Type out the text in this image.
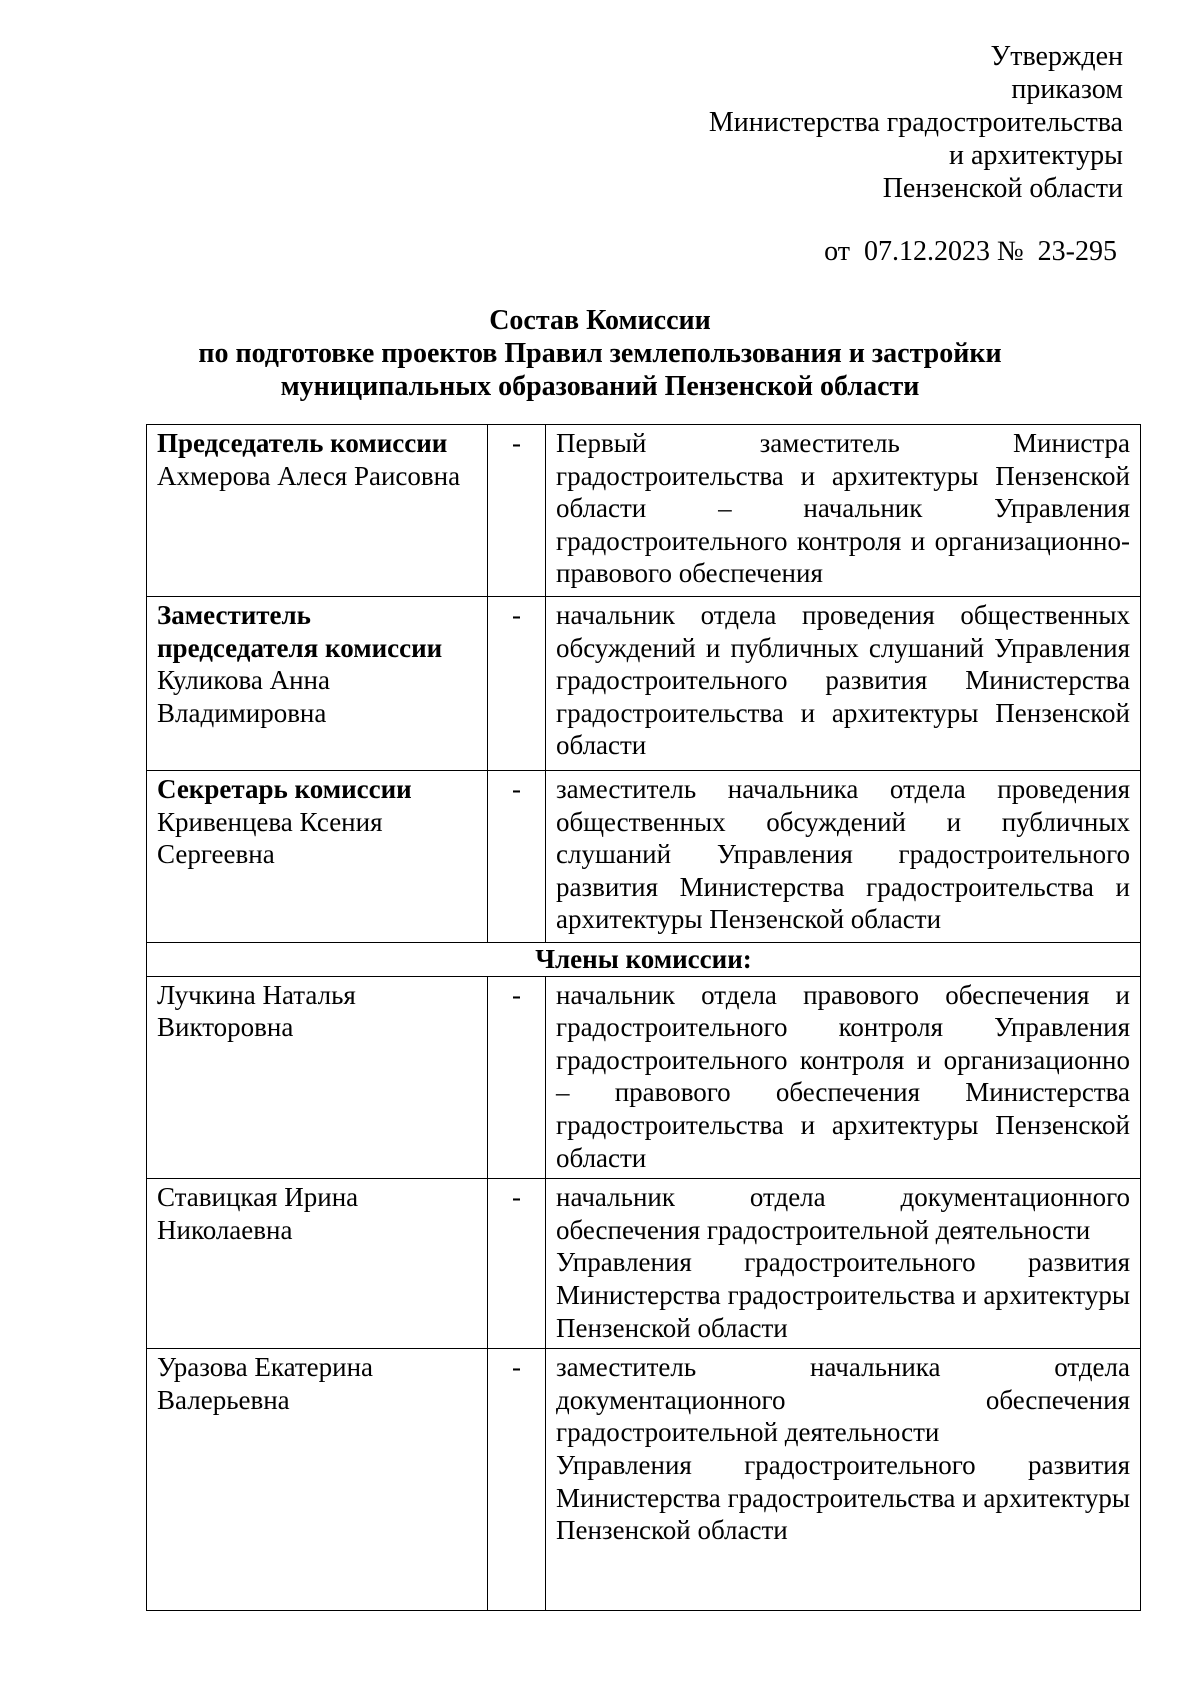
Утвержден
приказом
Министерства градостроительства
и архитектуры
Пензенской области
от 07.12.2023 № 23-295
Состав Комиссии
по подготовке проектов Правил землепользования и застройки
муниципальных образований Пензенской области
Председатель комиссии
Ахмерова Алеся Раисовна	-	Первый заместитель Министра градостроительства и архитектуры Пензенской области – начальник Управления градостроительного контроля и организационно-правового обеспечения

Заместитель председателя комиссии
Куликова Анна Владимировна	-	начальник отдела проведения общественных обсуждений и публичных слушаний Управления градостроительного развития Министерства градостроительства и архитектуры Пензенской области

Секретарь комиссии
Кривенцева Ксения Сергеевна	-	заместитель начальника отдела проведения общественных обсуждений и публичных слушаний Управления градостроительного развития Министерства градостроительства и архитектуры Пензенской области
Члены комиссии:		

Лучкина Наталья Викторовна	-	начальник отдела правового обеспечения и градостроительного контроля Управления градостроительного контроля и организационно – правового обеспечения Министерства градостроительства и архитектуры Пензенской области

Ставицкая Ирина Николаевна	-	начальник отдела документационного обеспечения градостроительной деятельности
Управления градостроительного развития Министерства градостроительства и архитектуры Пензенской области

Уразова Екатерина Валерьевна	-	заместитель начальника отдела документационного обеспечения градостроительной деятельности
Управления градостроительного развития Министерства градостроительства и архитектуры Пензенской области
